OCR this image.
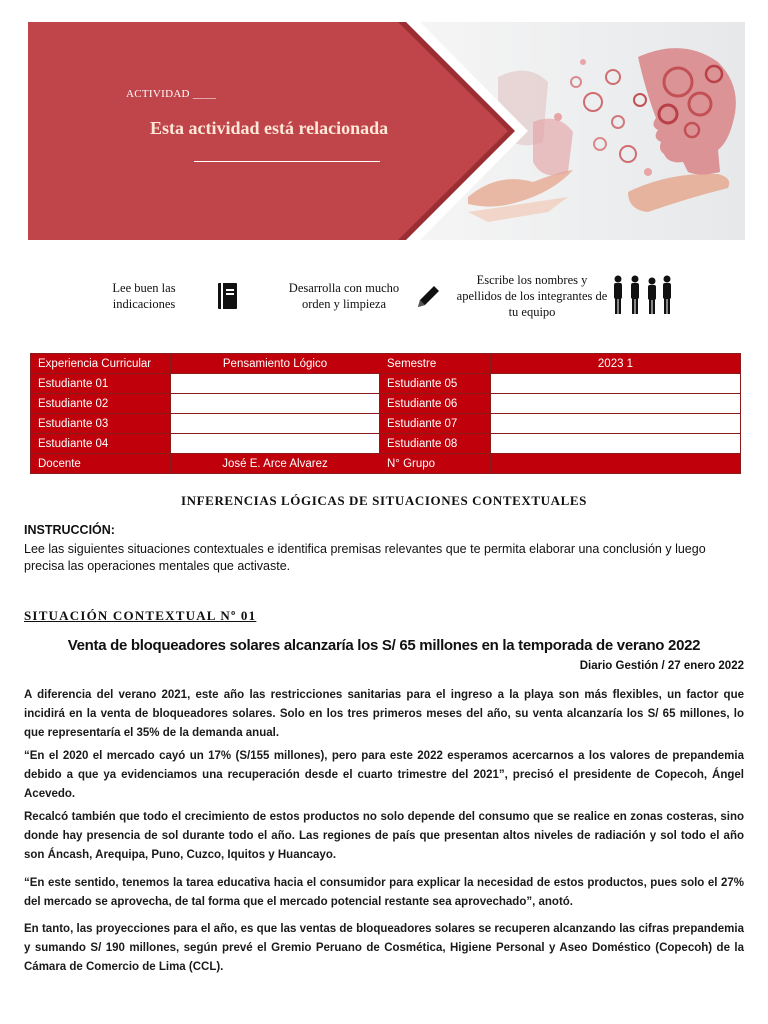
ACTIVIDAD ____
Esta actividad está relacionada
Lee buen las indicaciones
Desarrolla con mucho orden y limpieza
Escribe los nombres y apellidos de los integrantes de tu equipo
Experiencia Curricular	Pensamiento Lógico	Semestre	2023 1
Estudiante 01		Estudiante 05	
Estudiante 02		Estudiante 06	
Estudiante 03		Estudiante 07	
Estudiante 04		Estudiante 08	
Docente	José E. Arce Alvarez	N° Grupo	
INFERENCIAS LÓGICAS DE SITUACIONES CONTEXTUALES
INSTRUCCIÓN:
Lee las siguientes situaciones contextuales e identifica premisas relevantes que te permita elaborar una conclusión y luego precisa las operaciones mentales que activaste.
SITUACIÓN CONTEXTUAL Nº 01
Venta de bloqueadores solares alcanzaría los S/ 65 millones en la temporada de verano 2022
Diario Gestión / 27 enero 2022
A diferencia del verano 2021, este año las restricciones sanitarias para el ingreso a la playa son más flexibles, un factor que incidirá en la venta de bloqueadores solares. Solo en los tres primeros meses del año, su venta alcanzaría los S/ 65 millones, lo que representaría el 35% de la demanda anual.
“En el 2020 el mercado cayó un 17% (S/155 millones), pero para este 2022 esperamos acercarnos a los valores de prepandemia debido a que ya evidenciamos una recuperación desde el cuarto trimestre del 2021”, precisó el presidente de Copecoh, Ángel Acevedo.
Recalcó también que todo el crecimiento de estos productos no solo depende del consumo que se realice en zonas costeras, sino donde hay presencia de sol durante todo el año. Las regiones de país que presentan altos niveles de radiación y sol todo el año son Áncash, Arequipa, Puno, Cuzco, Iquitos y Huancayo.
“En este sentido, tenemos la tarea educativa hacia el consumidor para explicar la necesidad de estos productos, pues solo el 27% del mercado se aprovecha, de tal forma que el mercado potencial restante sea aprovechado”, anotó.
En tanto, las proyecciones para el año, es que las ventas de bloqueadores solares se recuperen alcanzando las cifras prepandemia y sumando S/ 190 millones, según prevé el Gremio Peruano de Cosmética, Higiene Personal y Aseo Doméstico (Copecoh) de la Cámara de Comercio de Lima (CCL).
